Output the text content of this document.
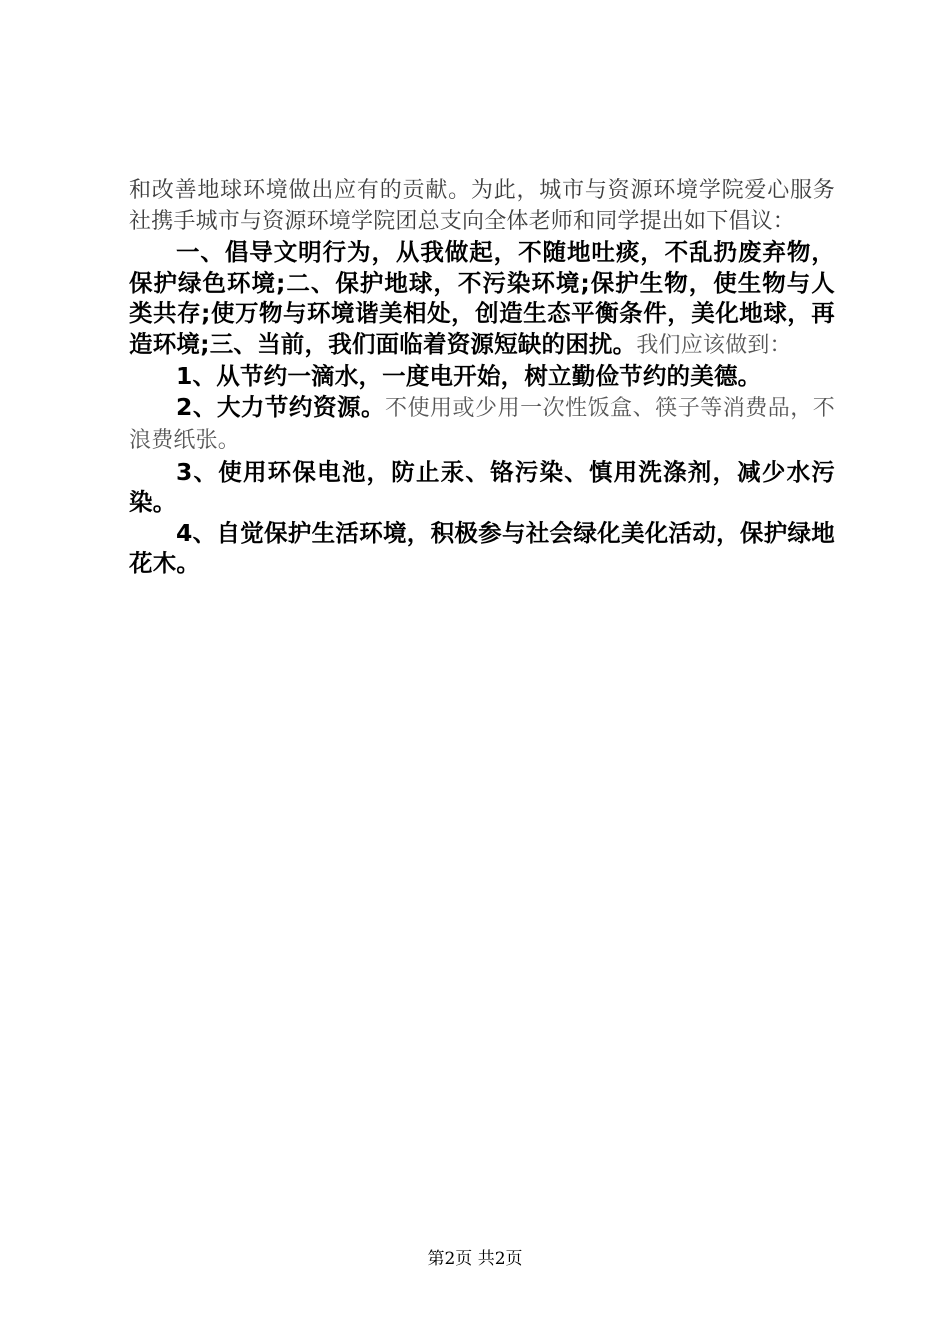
和改善地球环境做出应有的贡献。为此，城市与资源环境学院爱心服务社携手城市与资源环境学院团总支向全体老师和同学提出如下倡议：

一、倡导文明行为，从我做起，不随地吐痰，不乱扔废弃物，保护绿色环境;二、保护地球，不污染环境;保护生物，使生物与人类共存;使万物与环境谐美相处，创造生态平衡条件，美化地球，再造环境;三、当前，我们面临着资源短缺的困扰。我们应该做到：

1、从节约一滴水，一度电开始，树立勤俭节约的美德。

2、大力节约资源。不使用或少用一次性饭盒、筷子等消费品，不浪费纸张。

3、使用环保电池，防止汞、铬污染、慎用洗涤剂，减少水污染。

4、自觉保护生活环境，积极参与社会绿化美化活动，保护绿地花木。

第2页 共2页
